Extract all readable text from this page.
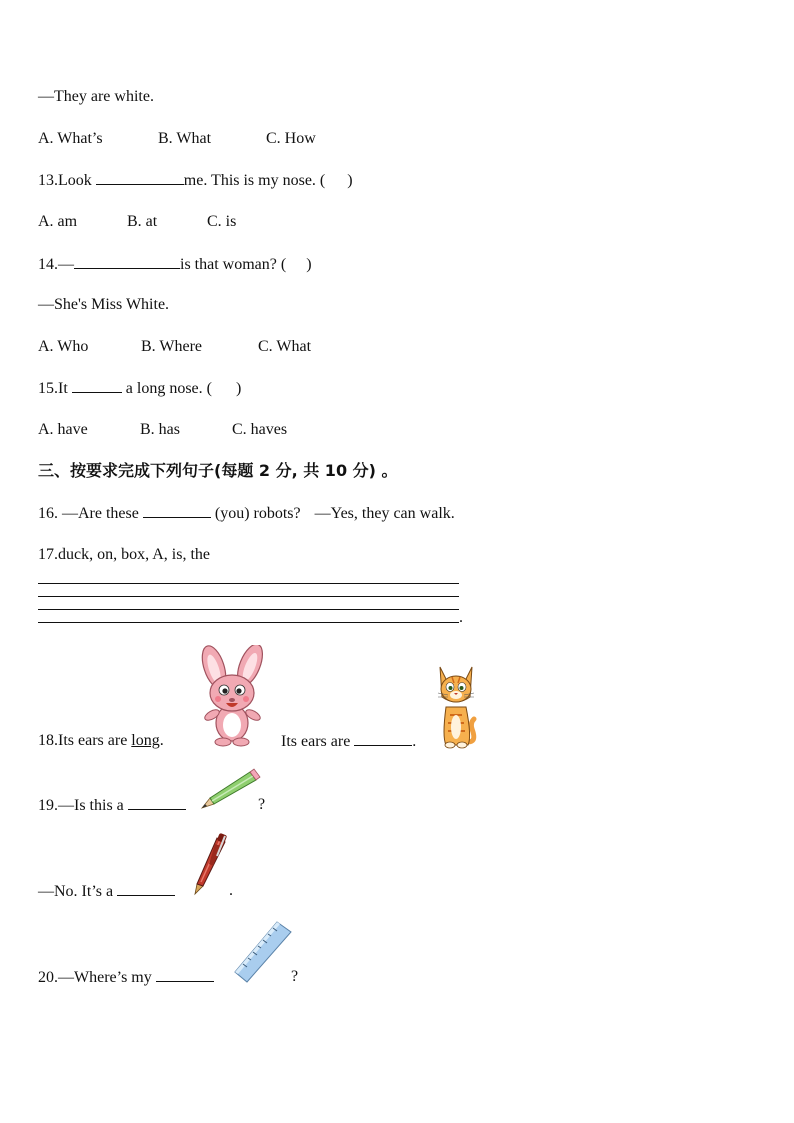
—They are white.
A. What’s	B. What	C. How
13.Look	me. This is my nose. ( )
A. am	B. at	C. is
14.—	is that woman? ( )
—She's Miss White.
A. Who	B. Where	C. What
15.It	a long nose. ( )
A. have	B. has	C. haves
三、按要求完成下列句子(每题 2 分, 共 10 分) 。
16. —Are these	(you) robots? —Yes, they can walk.
17.duck, on, box, A, is, the
.
18.Its ears are long.	Its ears are	.
19.—Is this a	?
—No. It’s a	.
20.—Where’s my	?
